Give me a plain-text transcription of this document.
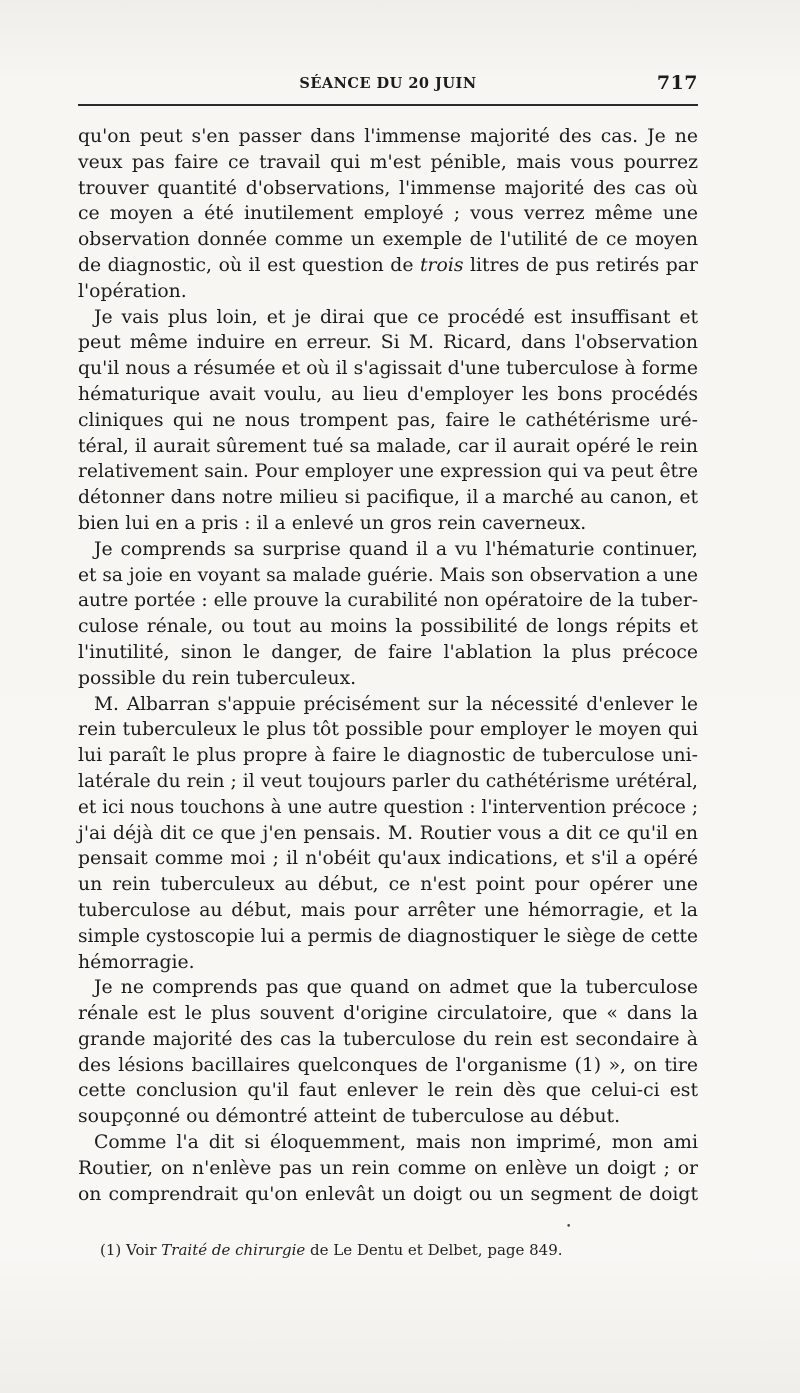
SÉANCE DU 20 JUIN	717

qu'on peut s'en passer dans l'immense majorité des cas. Je ne
veux pas faire ce travail qui m'est pénible, mais vous pourrez
trouver quantité d'observations, l'immense majorité des cas où
ce moyen a été inutilement employé ; vous verrez même une
observation donnée comme un exemple de l'utilité de ce moyen
de diagnostic, où il est question de trois litres de pus retirés par
l'opération.

Je vais plus loin, et je dirai que ce procédé est insuffisant et
peut même induire en erreur. Si M. Ricard, dans l'observation
qu'il nous a résumée et où il s'agissait d'une tuberculose à forme
hématurique avait voulu, au lieu d'employer les bons procédés
cliniques qui ne nous trompent pas, faire le cathétérisme uré-
téral, il aurait sûrement tué sa malade, car il aurait opéré le rein
relativement sain. Pour employer une expression qui va peut être
détonner dans notre milieu si pacifique, il a marché au canon, et
bien lui en a pris : il a enlevé un gros rein caverneux.

Je comprends sa surprise quand il a vu l'hématurie continuer,
et sa joie en voyant sa malade guérie. Mais son observation a une
autre portée : elle prouve la curabilité non opératoire de la tuber-
culose rénale, ou tout au moins la possibilité de longs répits et
l'inutilité, sinon le danger, de faire l'ablation la plus précoce
possible du rein tuberculeux.

M. Albarran s'appuie précisément sur la nécessité d'enlever le
rein tuberculeux le plus tôt possible pour employer le moyen qui
lui paraît le plus propre à faire le diagnostic de tuberculose uni-
latérale du rein ; il veut toujours parler du cathétérisme urétéral,
et ici nous touchons à une autre question : l'intervention précoce ;
j'ai déjà dit ce que j'en pensais. M. Routier vous a dit ce qu'il en
pensait comme moi ; il n'obéit qu'aux indications, et s'il a opéré
un rein tuberculeux au début, ce n'est point pour opérer une
tuberculose au début, mais pour arrêter une hémorragie, et la
simple cystoscopie lui a permis de diagnostiquer le siège de cette
hémorragie.

Je ne comprends pas que quand on admet que la tuberculose
rénale est le plus souvent d'origine circulatoire, que « dans la
grande majorité des cas la tuberculose du rein est secondaire à
des lésions bacillaires quelconques de l'organisme (1) », on tire
cette conclusion qu'il faut enlever le rein dès que celui-ci est
soupçonné ou démontré atteint de tuberculose au début.

Comme l'a dit si éloquemment, mais non imprimé, mon ami
Routier, on n'enlève pas un rein comme on enlève un doigt ; or
on comprendrait qu'on enlevât un doigt ou un segment de doigt

•
(1) Voir Traité de chirurgie de Le Dentu et Delbet, page 849.
